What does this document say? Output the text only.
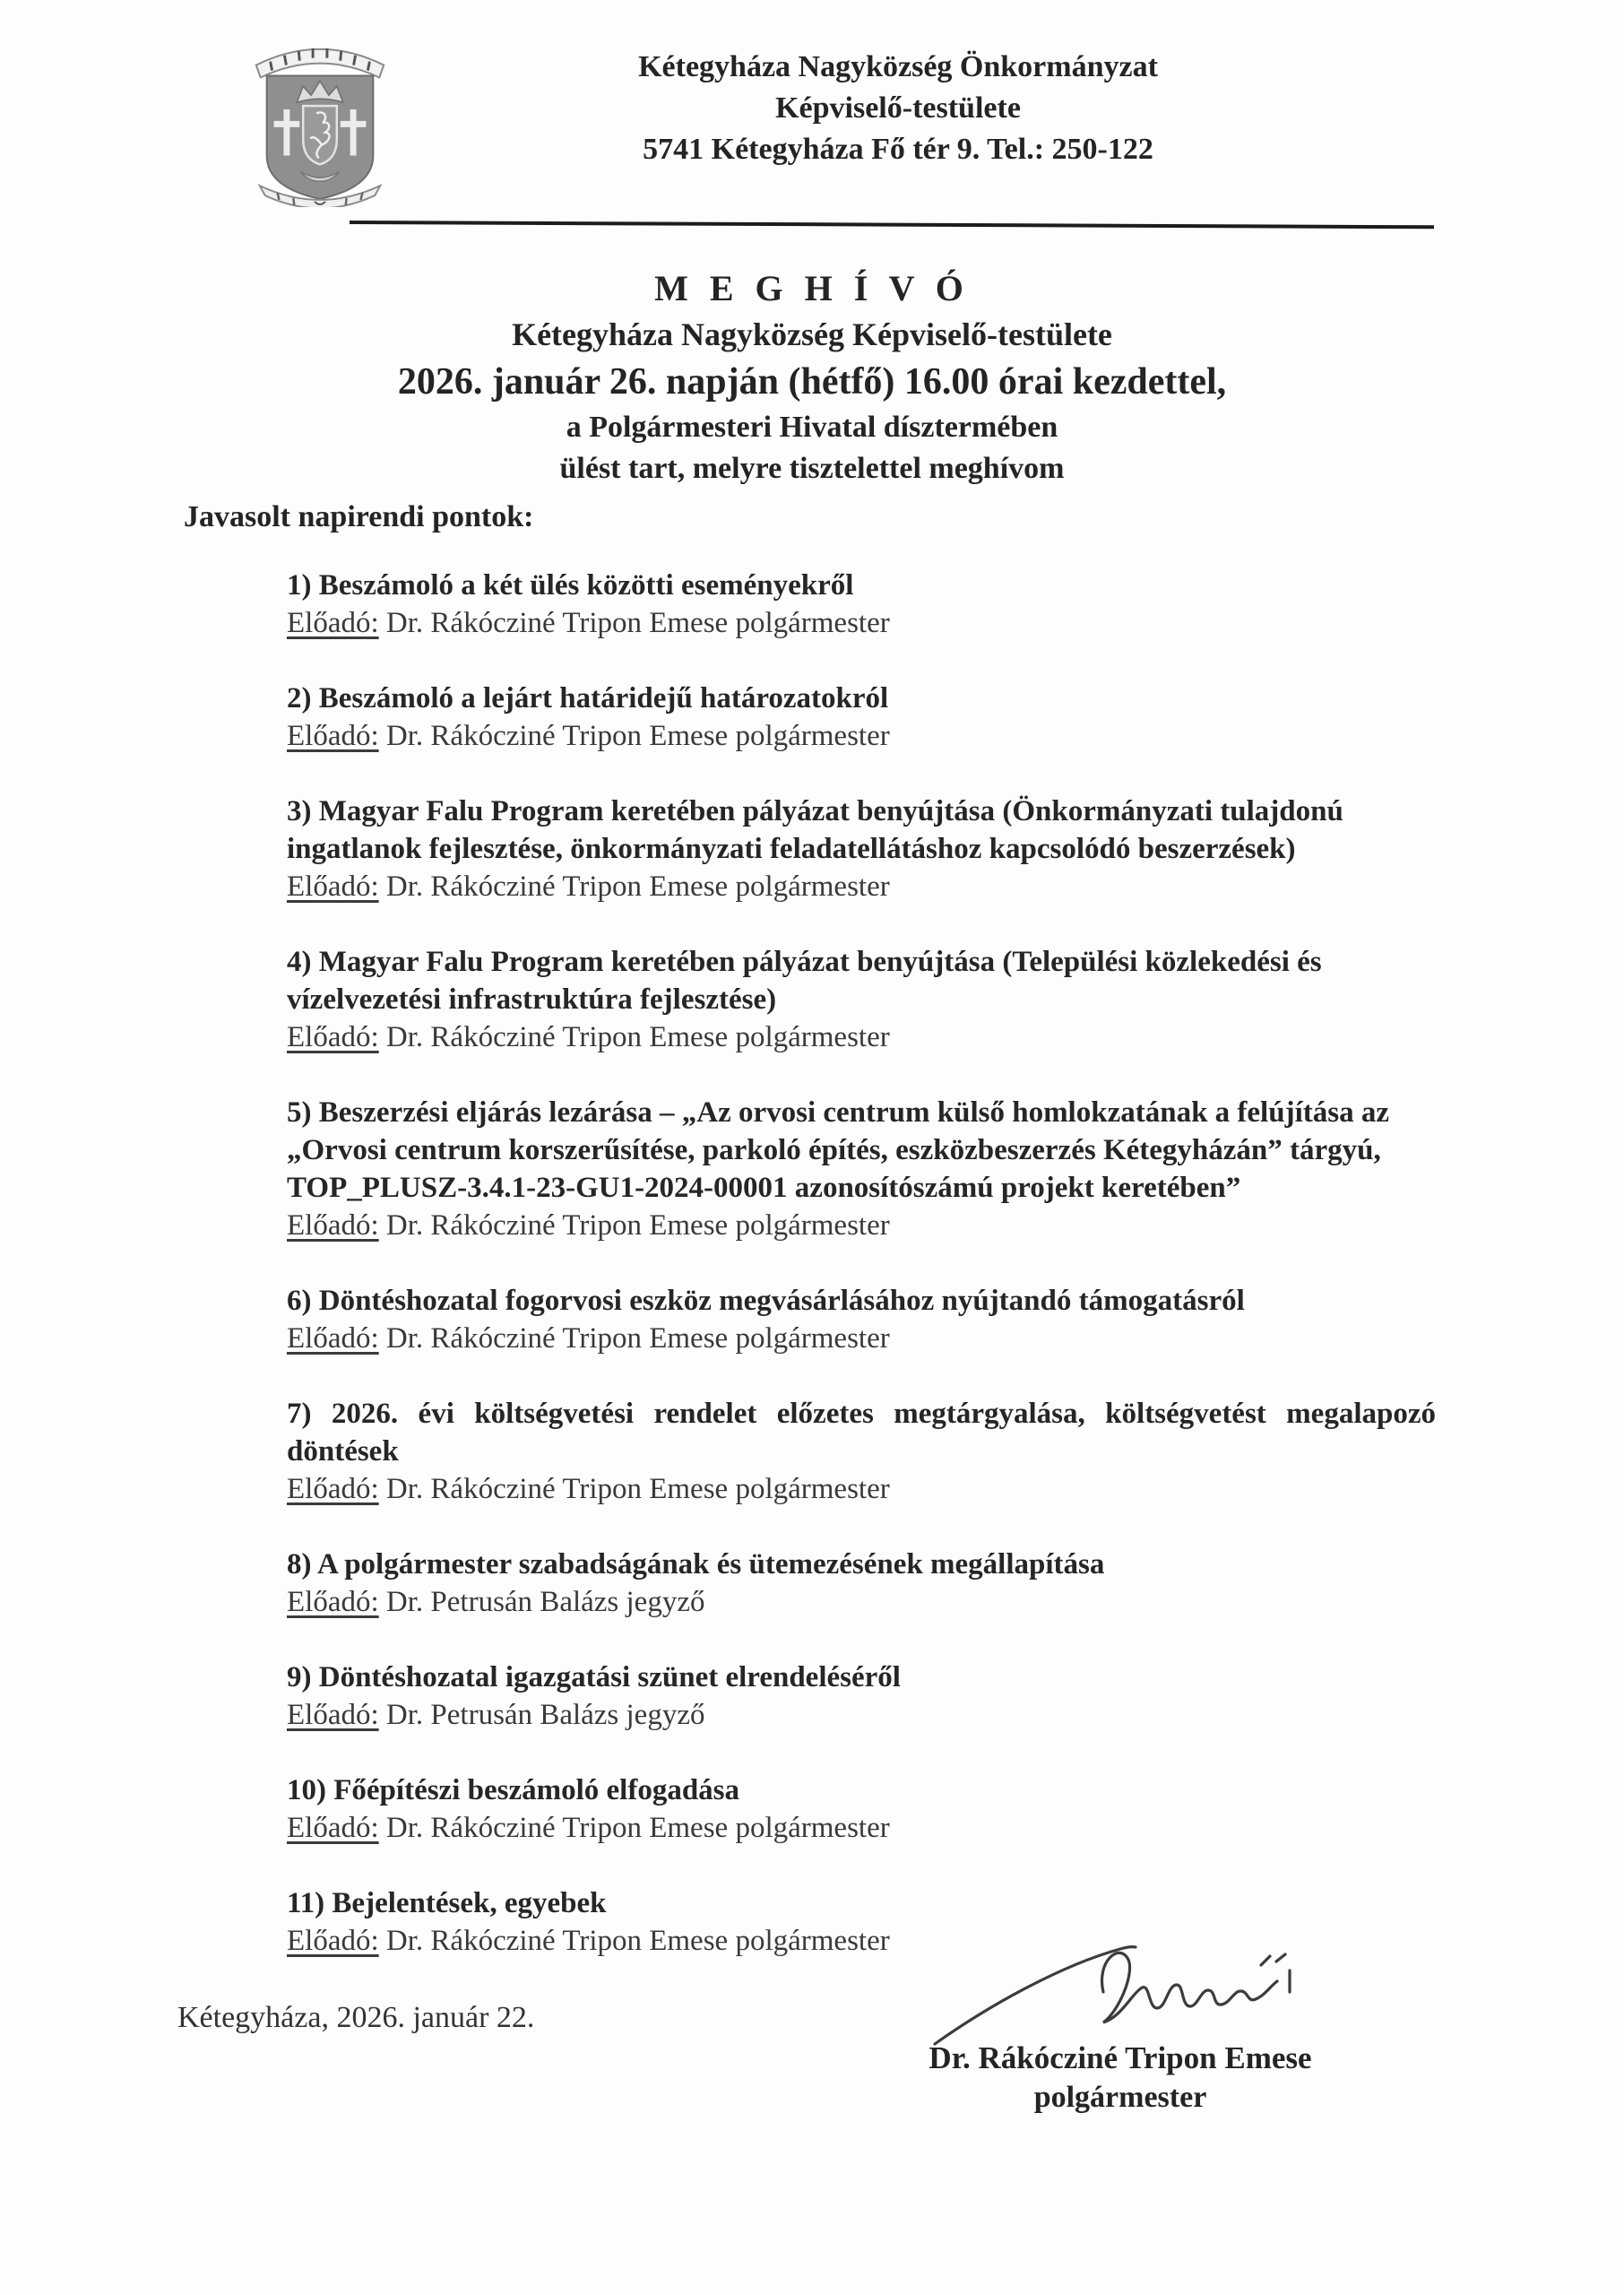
Kétegyháza Nagyközség Önkormányzat
Képviselő-testülete
5741 Kétegyháza Fő tér 9. Tel.: 250-122
M E G H Í V Ó
Kétegyháza Nagyközség Képviselő-testülete
2026. január 26. napján (hétfő) 16.00 órai kezdettel,
a Polgármesteri Hivatal dísztermében
ülést tart, melyre tisztelettel meghívom
Javasolt napirendi pontok:
1) Beszámoló a két ülés közötti eseményekről
Előadó: Dr. Rákócziné Tripon Emese polgármester
2) Beszámoló a lejárt határidejű határozatokról
Előadó: Dr. Rákócziné Tripon Emese polgármester
3) Magyar Falu Program keretében pályázat benyújtása (Önkormányzati tulajdonú ingatlanok fejlesztése, önkormányzati feladatellátáshoz kapcsolódó beszerzések)
Előadó: Dr. Rákócziné Tripon Emese polgármester
4) Magyar Falu Program keretében pályázat benyújtása (Települési közlekedési és vízelvezetési infrastruktúra fejlesztése)
Előadó: Dr. Rákócziné Tripon Emese polgármester
5) Beszerzési eljárás lezárása – „Az orvosi centrum külső homlokzatának a felújítása az „Orvosi centrum korszerűsítése, parkoló építés, eszközbeszerzés Kétegyházán” tárgyú, TOP_PLUSZ-3.4.1-23-GU1-2024-00001 azonosítószámú projekt keretében”
Előadó: Dr. Rákócziné Tripon Emese polgármester
6) Döntéshozatal fogorvosi eszköz megvásárlásához nyújtandó támogatásról
Előadó: Dr. Rákócziné Tripon Emese polgármester
7) 2026. évi költségvetési rendelet előzetes megtárgyalása, költségvetést megalapozó döntések
Előadó: Dr. Rákócziné Tripon Emese polgármester
8) A polgármester szabadságának és ütemezésének megállapítása
Előadó: Dr. Petrusán Balázs jegyző
9) Döntéshozatal igazgatási szünet elrendeléséről
Előadó: Dr. Petrusán Balázs jegyző
10) Főépítészi beszámoló elfogadása
Előadó: Dr. Rákócziné Tripon Emese polgármester
11) Bejelentések, egyebek
Előadó: Dr. Rákócziné Tripon Emese polgármester
Kétegyháza, 2026. január 22.
Dr. Rákócziné Tripon Emese
polgármester
